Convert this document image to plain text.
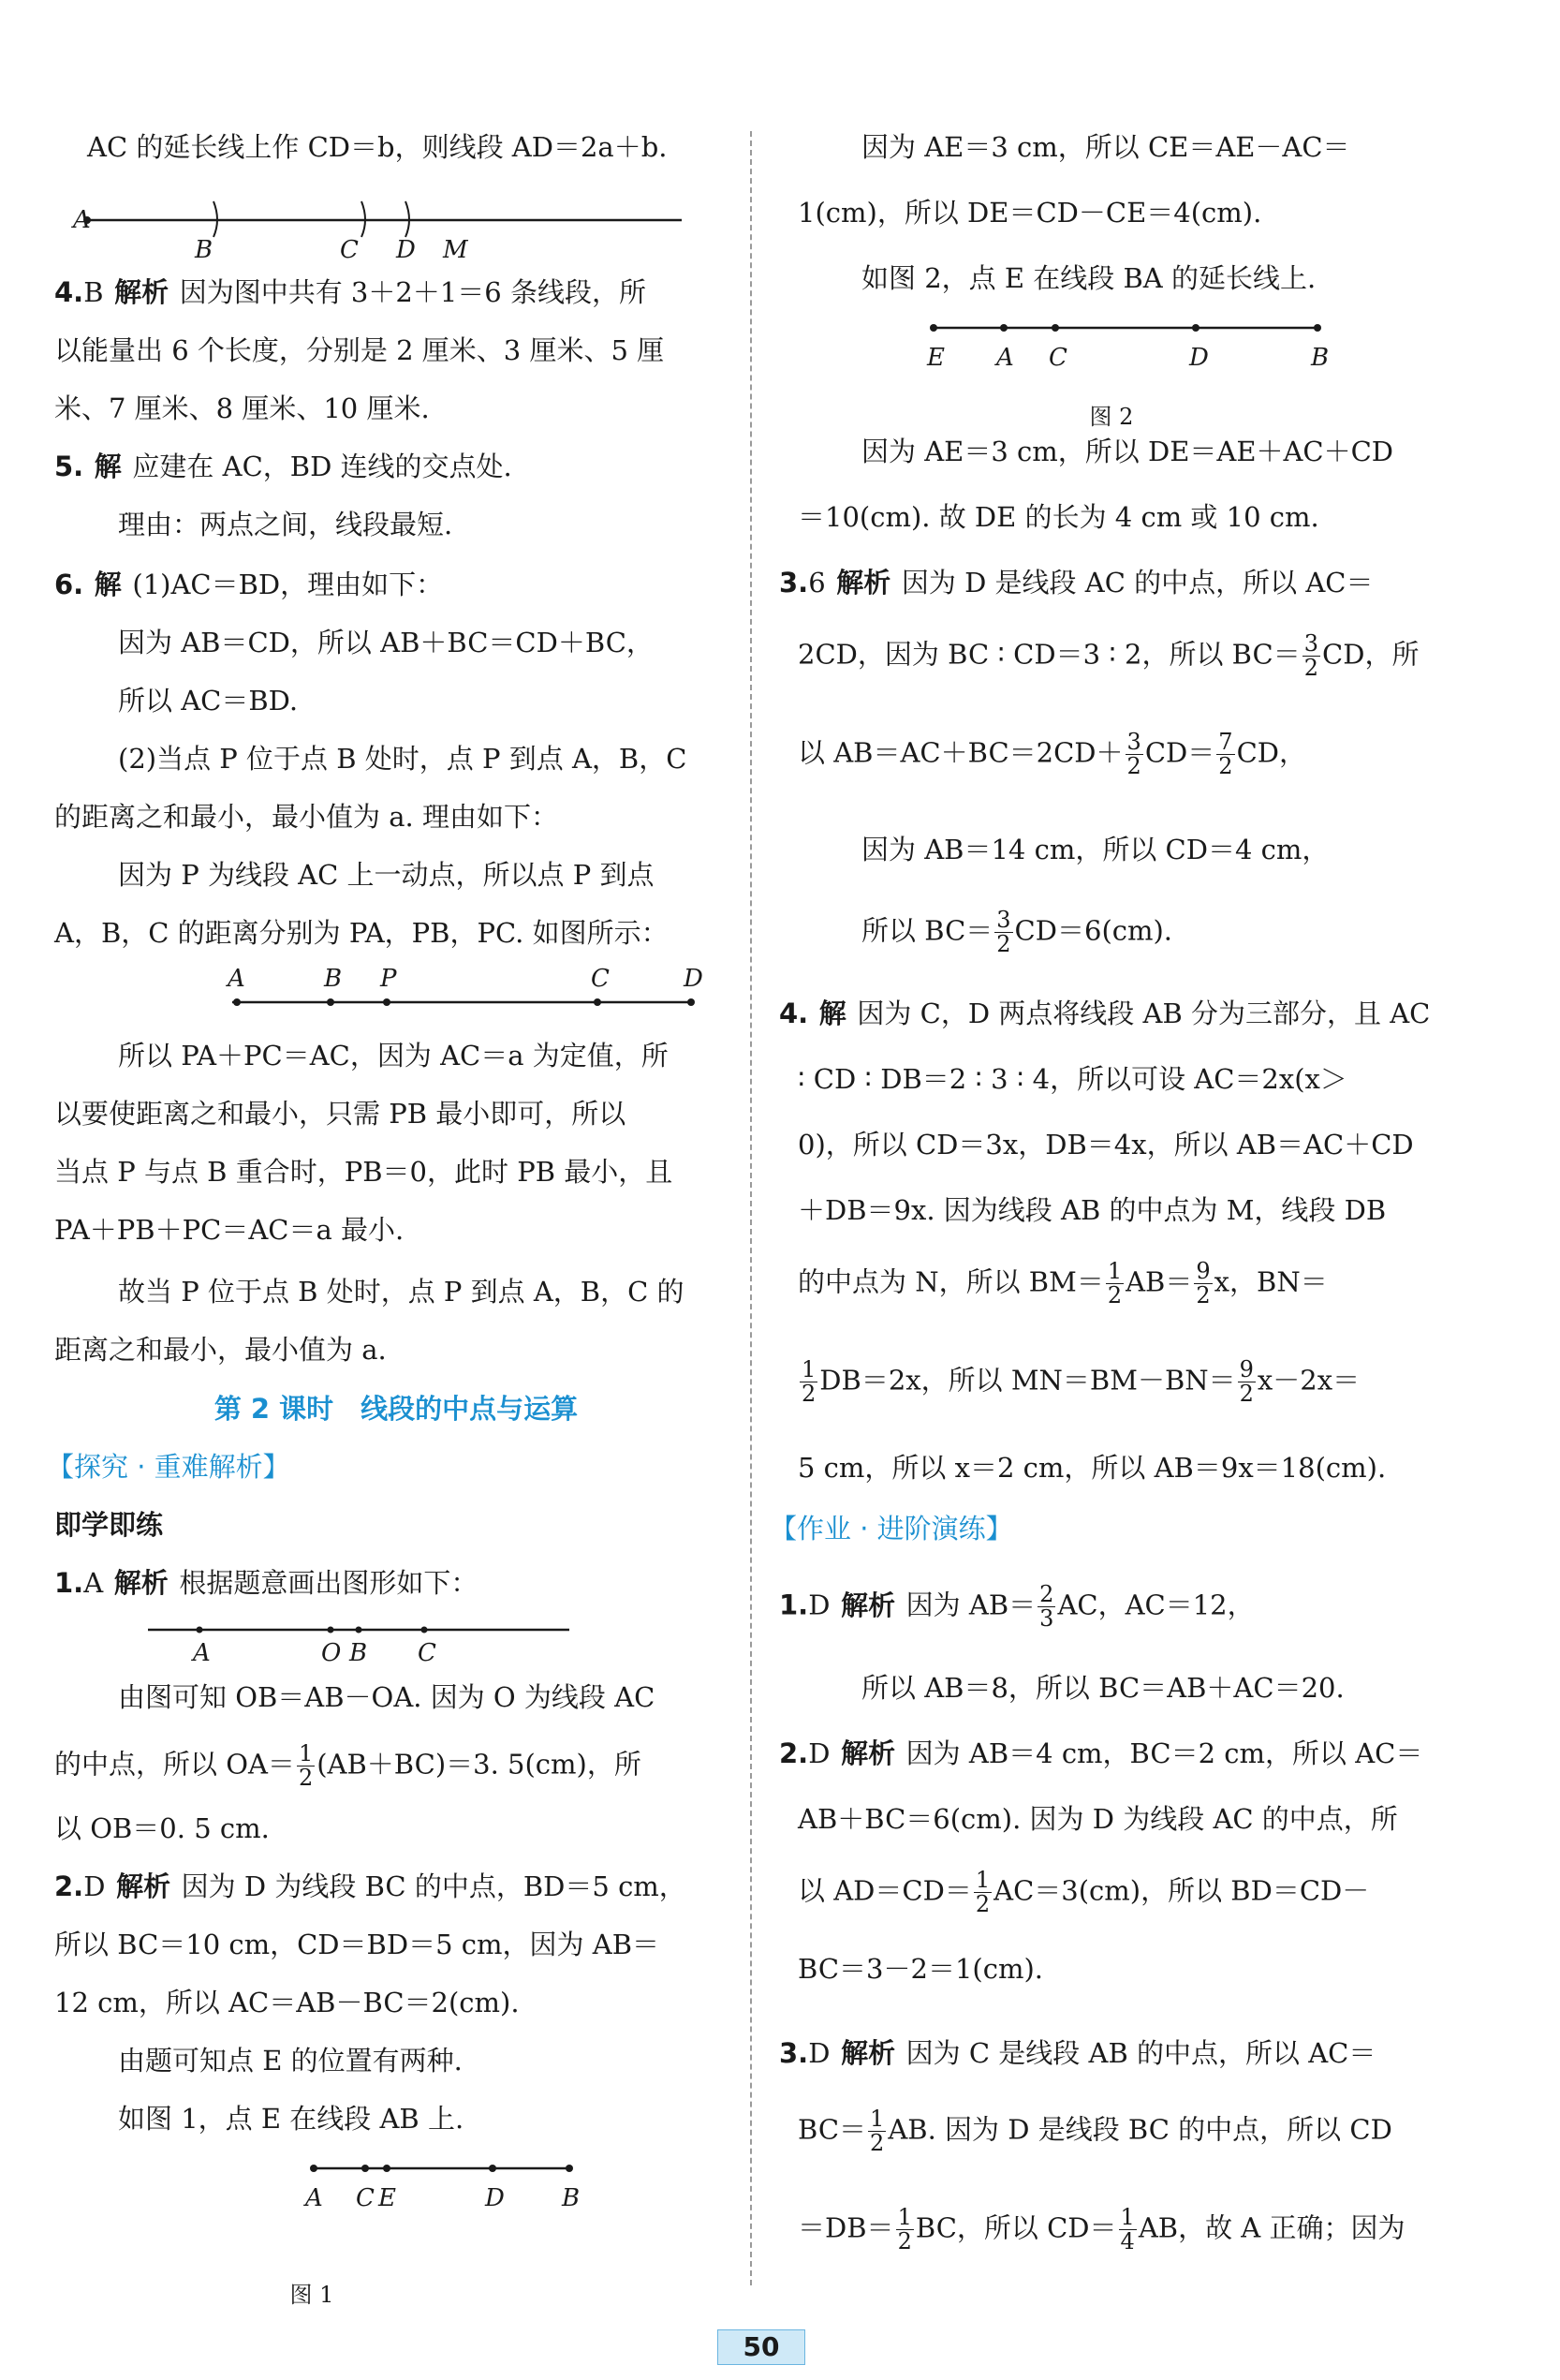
AC 的延长线上作 CD＝b，则线段 AD＝2a＋b.
A
B	C D M
4.B 解析 因为图中共有 3＋2＋1＝6 条线段，所
以能量出 6 个长度，分别是 2 厘米、3 厘米、5 厘
米、7 厘米、8 厘米、10 厘米.
5. 解 应建在 AC，BD 连线的交点处.
理由：两点之间，线段最短.
6. 解 (1)AC＝BD，理由如下：
因为 AB＝CD，所以 AB＋BC＝CD＋BC，
所以 AC＝BD.
(2)当点 P 位于点 B 处时，点 P 到点 A，B，C
的距离之和最小，最小值为 a. 理由如下：
因为 P 为线段 AC 上一动点，所以点 P 到点
A，B，C 的距离分别为 PA，PB，PC. 如图所示：
A	B P	C	D
所以 PA＋PC＝AC，因为 AC＝a 为定值，所
以要使距离之和最小，只需 PB 最小即可，所以
当点 P 与点 B 重合时，PB＝0，此时 PB 最小，且
PA＋PB＋PC＝AC＝a 最小.
故当 P 位于点 B 处时，点 P 到点 A，B，C 的
距离之和最小，最小值为 a.
第 2 课时　线段的中点与运算
【探究 · 重难解析】
即学即练
1.A 解析 根据题意画出图形如下：
A	O B C
由图可知 OB＝AB－OA. 因为 O 为线段 AC
的中点，所以 $OA= \frac{1}{2} (AB+BC)=3$. 5(cm)，所
以 OB＝0. 5 cm.
2.D 解析 因为 D 为线段 BC 的中点，BD＝5 cm，
所以 BC＝10 cm，CD＝BD＝5 cm，因为 AB＝
12 cm，所以 AC＝AB－BC＝2(cm).
由题可知点 E 的位置有两种.
如图 1，点 E 在线段 AB 上.
A C E	D B
图 1
因为 AE＝3 cm，所以 CE＝AE－AC＝
1(cm)，所以 DE＝CD－CE＝4(cm).
如图 2，点 E 在线段 BA 的延长线上.
E A C	D	B
图 2
因为 AE＝3 cm，所以 DE＝AE＋AC＋CD
＝10(cm). 故 DE 的长为 4 cm 或 10 cm.
3.6 解析 因为 D 是线段 AC 的中点，所以 AC＝
2CD，因为 BC ∶ CD＝3 ∶ 2，所以 $BC= \frac{3}{2}$ CD，所
以 $AB=AC+BC=2CD+ \frac{3}{2} CD= \frac{7}{2}$ CD，
因为 AB＝14 cm，所以 CD＝4 cm，
所以 $BC= \frac{3}{2} CD=6(cm)$.
4. 解 因为 C，D 两点将线段 AB 分为三部分，且 AC
∶ CD ∶ DB＝2 ∶ 3 ∶ 4，所以可设 AC＝2x(x＞
0)，所以 CD＝3x，DB＝4x，所以 AB＝AC＋CD
＋DB＝9x. 因为线段 AB 的中点为 M，线段 DB
的中点为 N，所以 $BM= \frac{1}{2} AB= \frac{9}{2}$ x，BN＝
$\frac{1}{2} DB=2x$，所以 $MN=BM-BN= \frac{9}{2} x-2x=$
5 cm，所以 x＝2 cm，所以 AB＝9x＝18(cm).
【作业 · 进阶演练】
1.D 解析 因为 $AB= \frac{2}{3}$ AC，AC＝12，
所以 AB＝8，所以 BC＝AB＋AC＝20.
2.D 解析 因为 AB＝4 cm，BC＝2 cm，所以 AC＝
AB＋BC＝6(cm). 因为 D 为线段 AC 的中点，所
以 $AD=CD= \frac{1}{2} AC=3(cm)$，所以 BD＝CD－
BC＝3－2＝1(cm).
3.D 解析 因为 C 是线段 AB 的中点，所以 AC＝
$BC= \frac{1}{2}$ AB. 因为 D 是线段 BC 的中点，所以 CD
$=DB= \frac{1}{2}$ BC，所以 $CD= \frac{1}{4}$ AB，故 A 正确；因为
50
